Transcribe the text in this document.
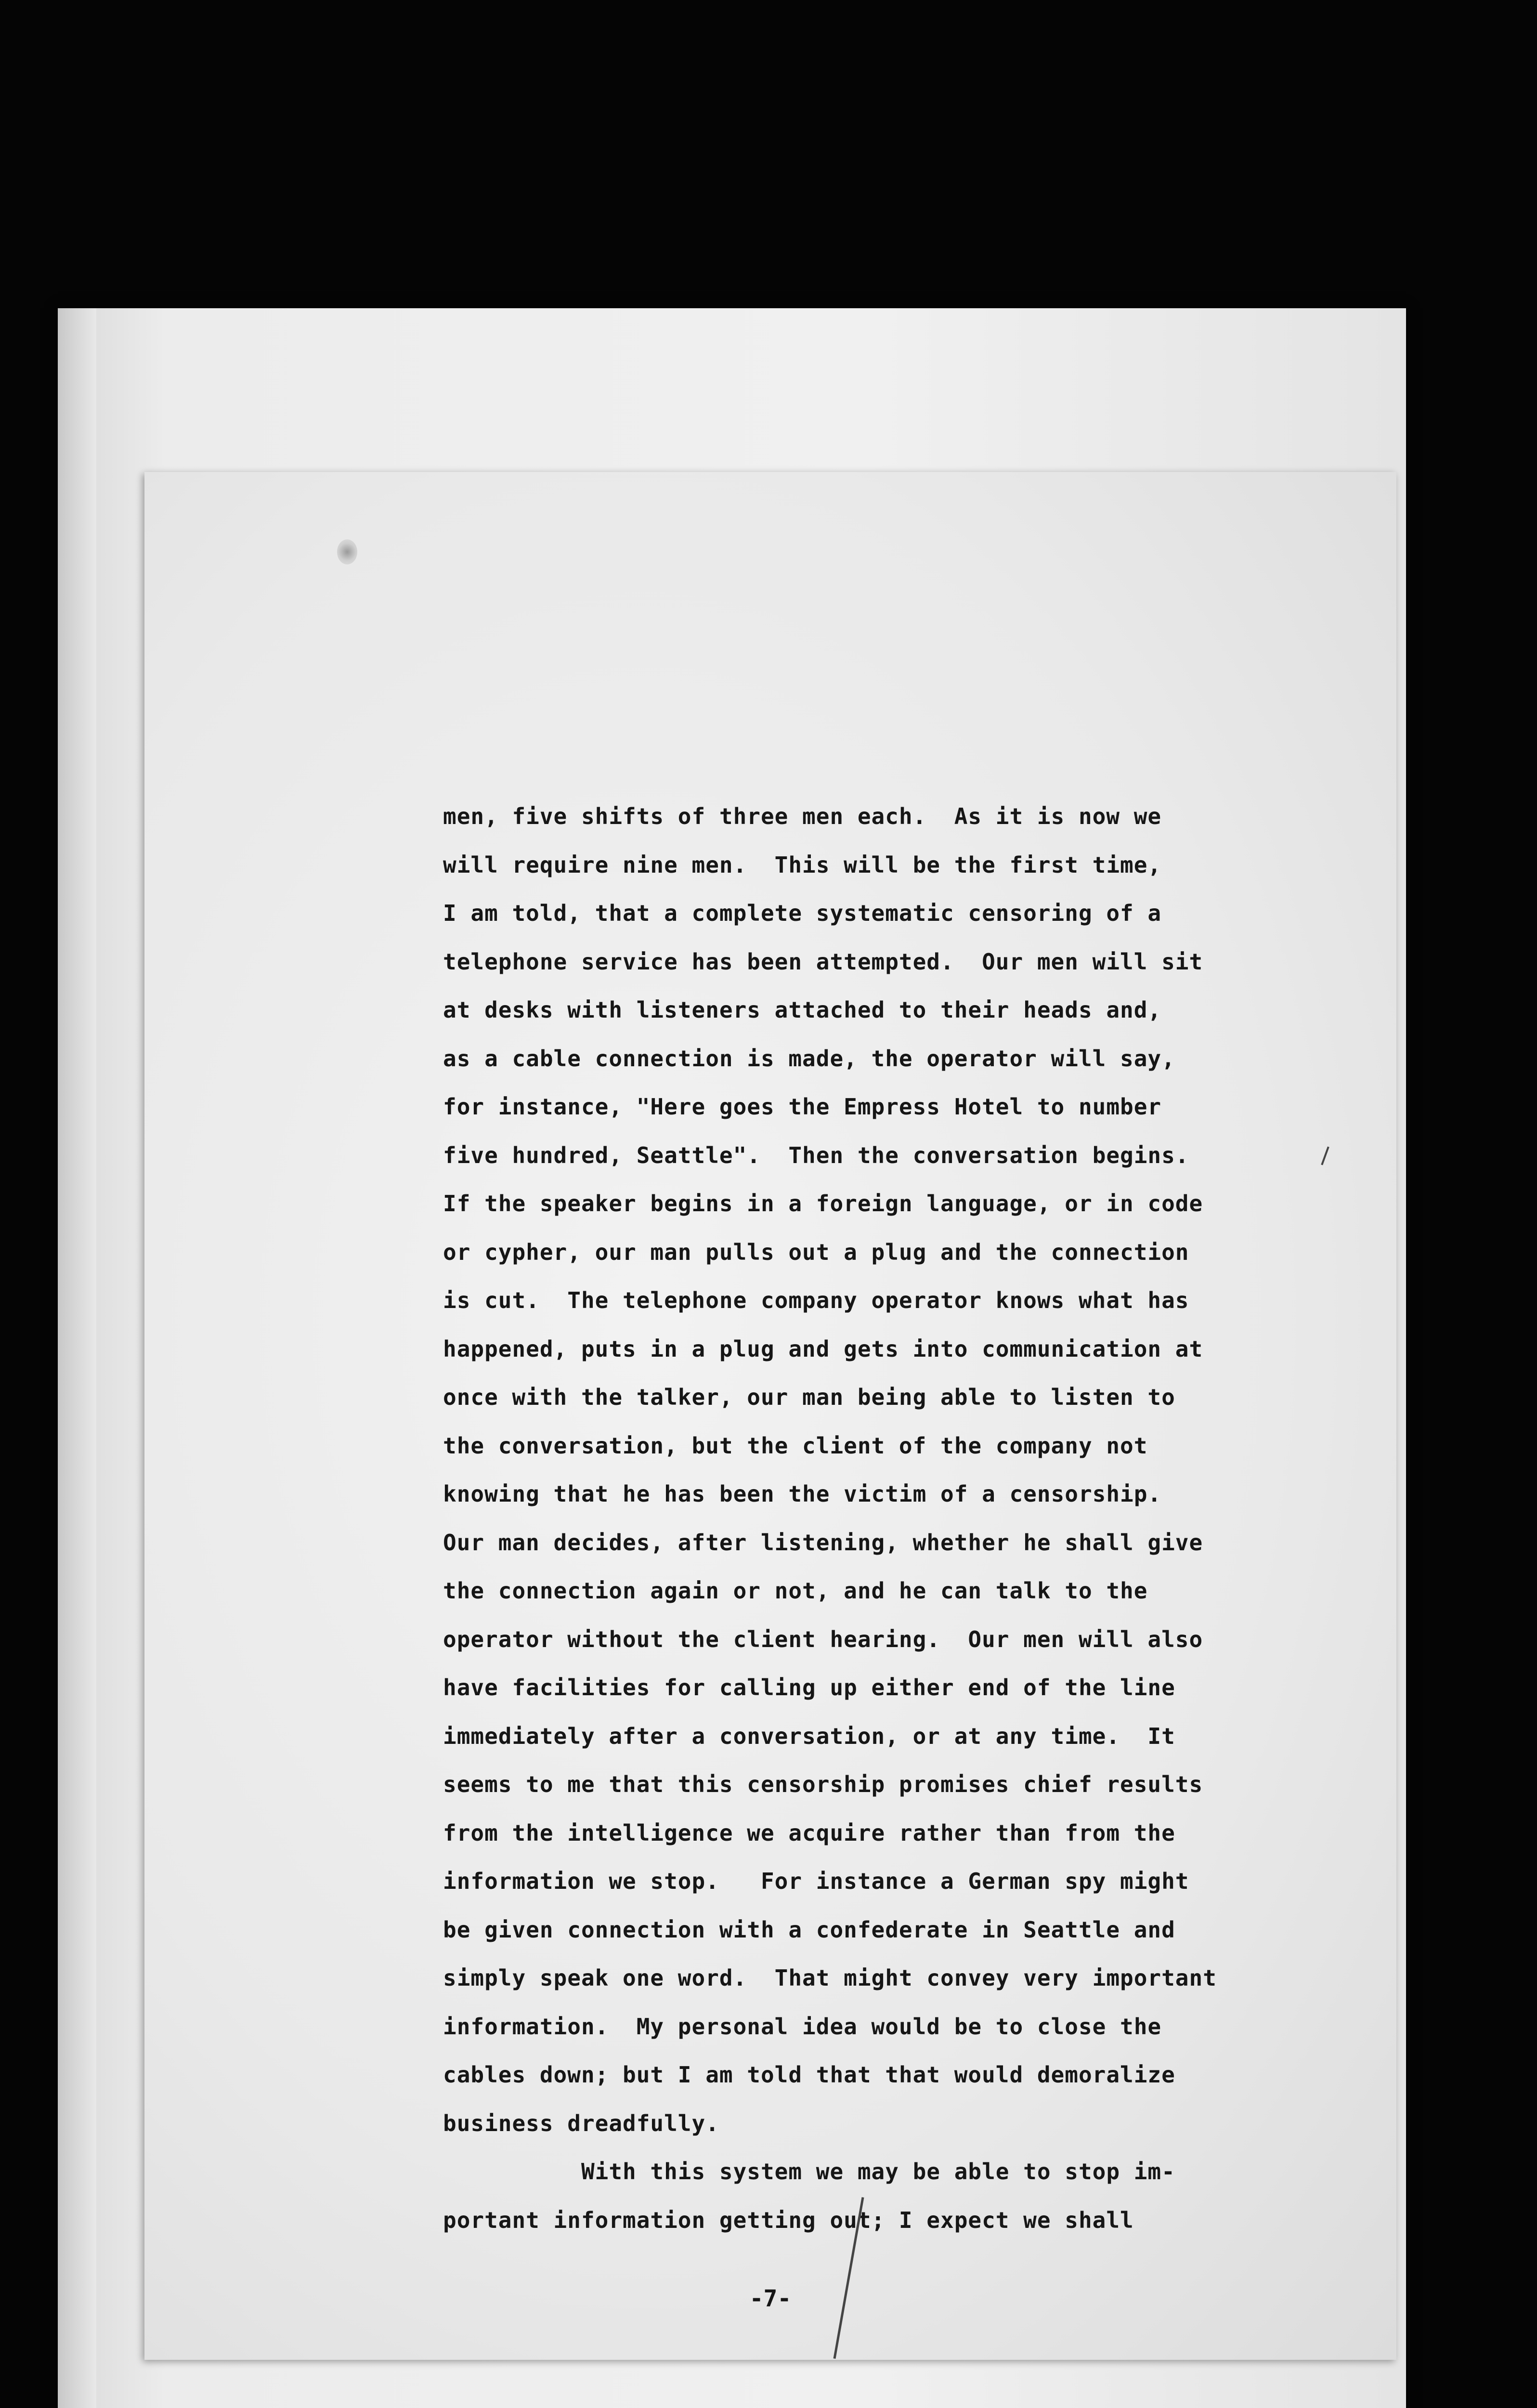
men, five shifts of three men each.  As it is now we
will require nine men.  This will be the first time,
I am told, that a complete systematic censoring of a
telephone service has been attempted.  Our men will sit
at desks with listeners attached to their heads and,
as a cable connection is made, the operator will say,
for instance, "Here goes the Empress Hotel to number
five hundred, Seattle".  Then the conversation begins.
If the speaker begins in a foreign language, or in code
or cypher, our man pulls out a plug and the connection
is cut.  The telephone company operator knows what has
happened, puts in a plug and gets into communication at
once with the talker, our man being able to listen to
the conversation, but the client of the company not
knowing that he has been the victim of a censorship.
Our man decides, after listening, whether he shall give
the connection again or not, and he can talk to the
operator without the client hearing.  Our men will also
have facilities for calling up either end of the line
immediately after a conversation, or at any time.  It
seems to me that this censorship promises chief results
from the intelligence we acquire rather than from the
information we stop.   For instance a German spy might
be given connection with a confederate in Seattle and
simply speak one word.  That might convey very important
information.  My personal idea would be to close the
cables down; but I am told that that would demoralize
business dreadfully.
With this system we may be able to stop im-
portant information getting out; I expect we shall
-7-
